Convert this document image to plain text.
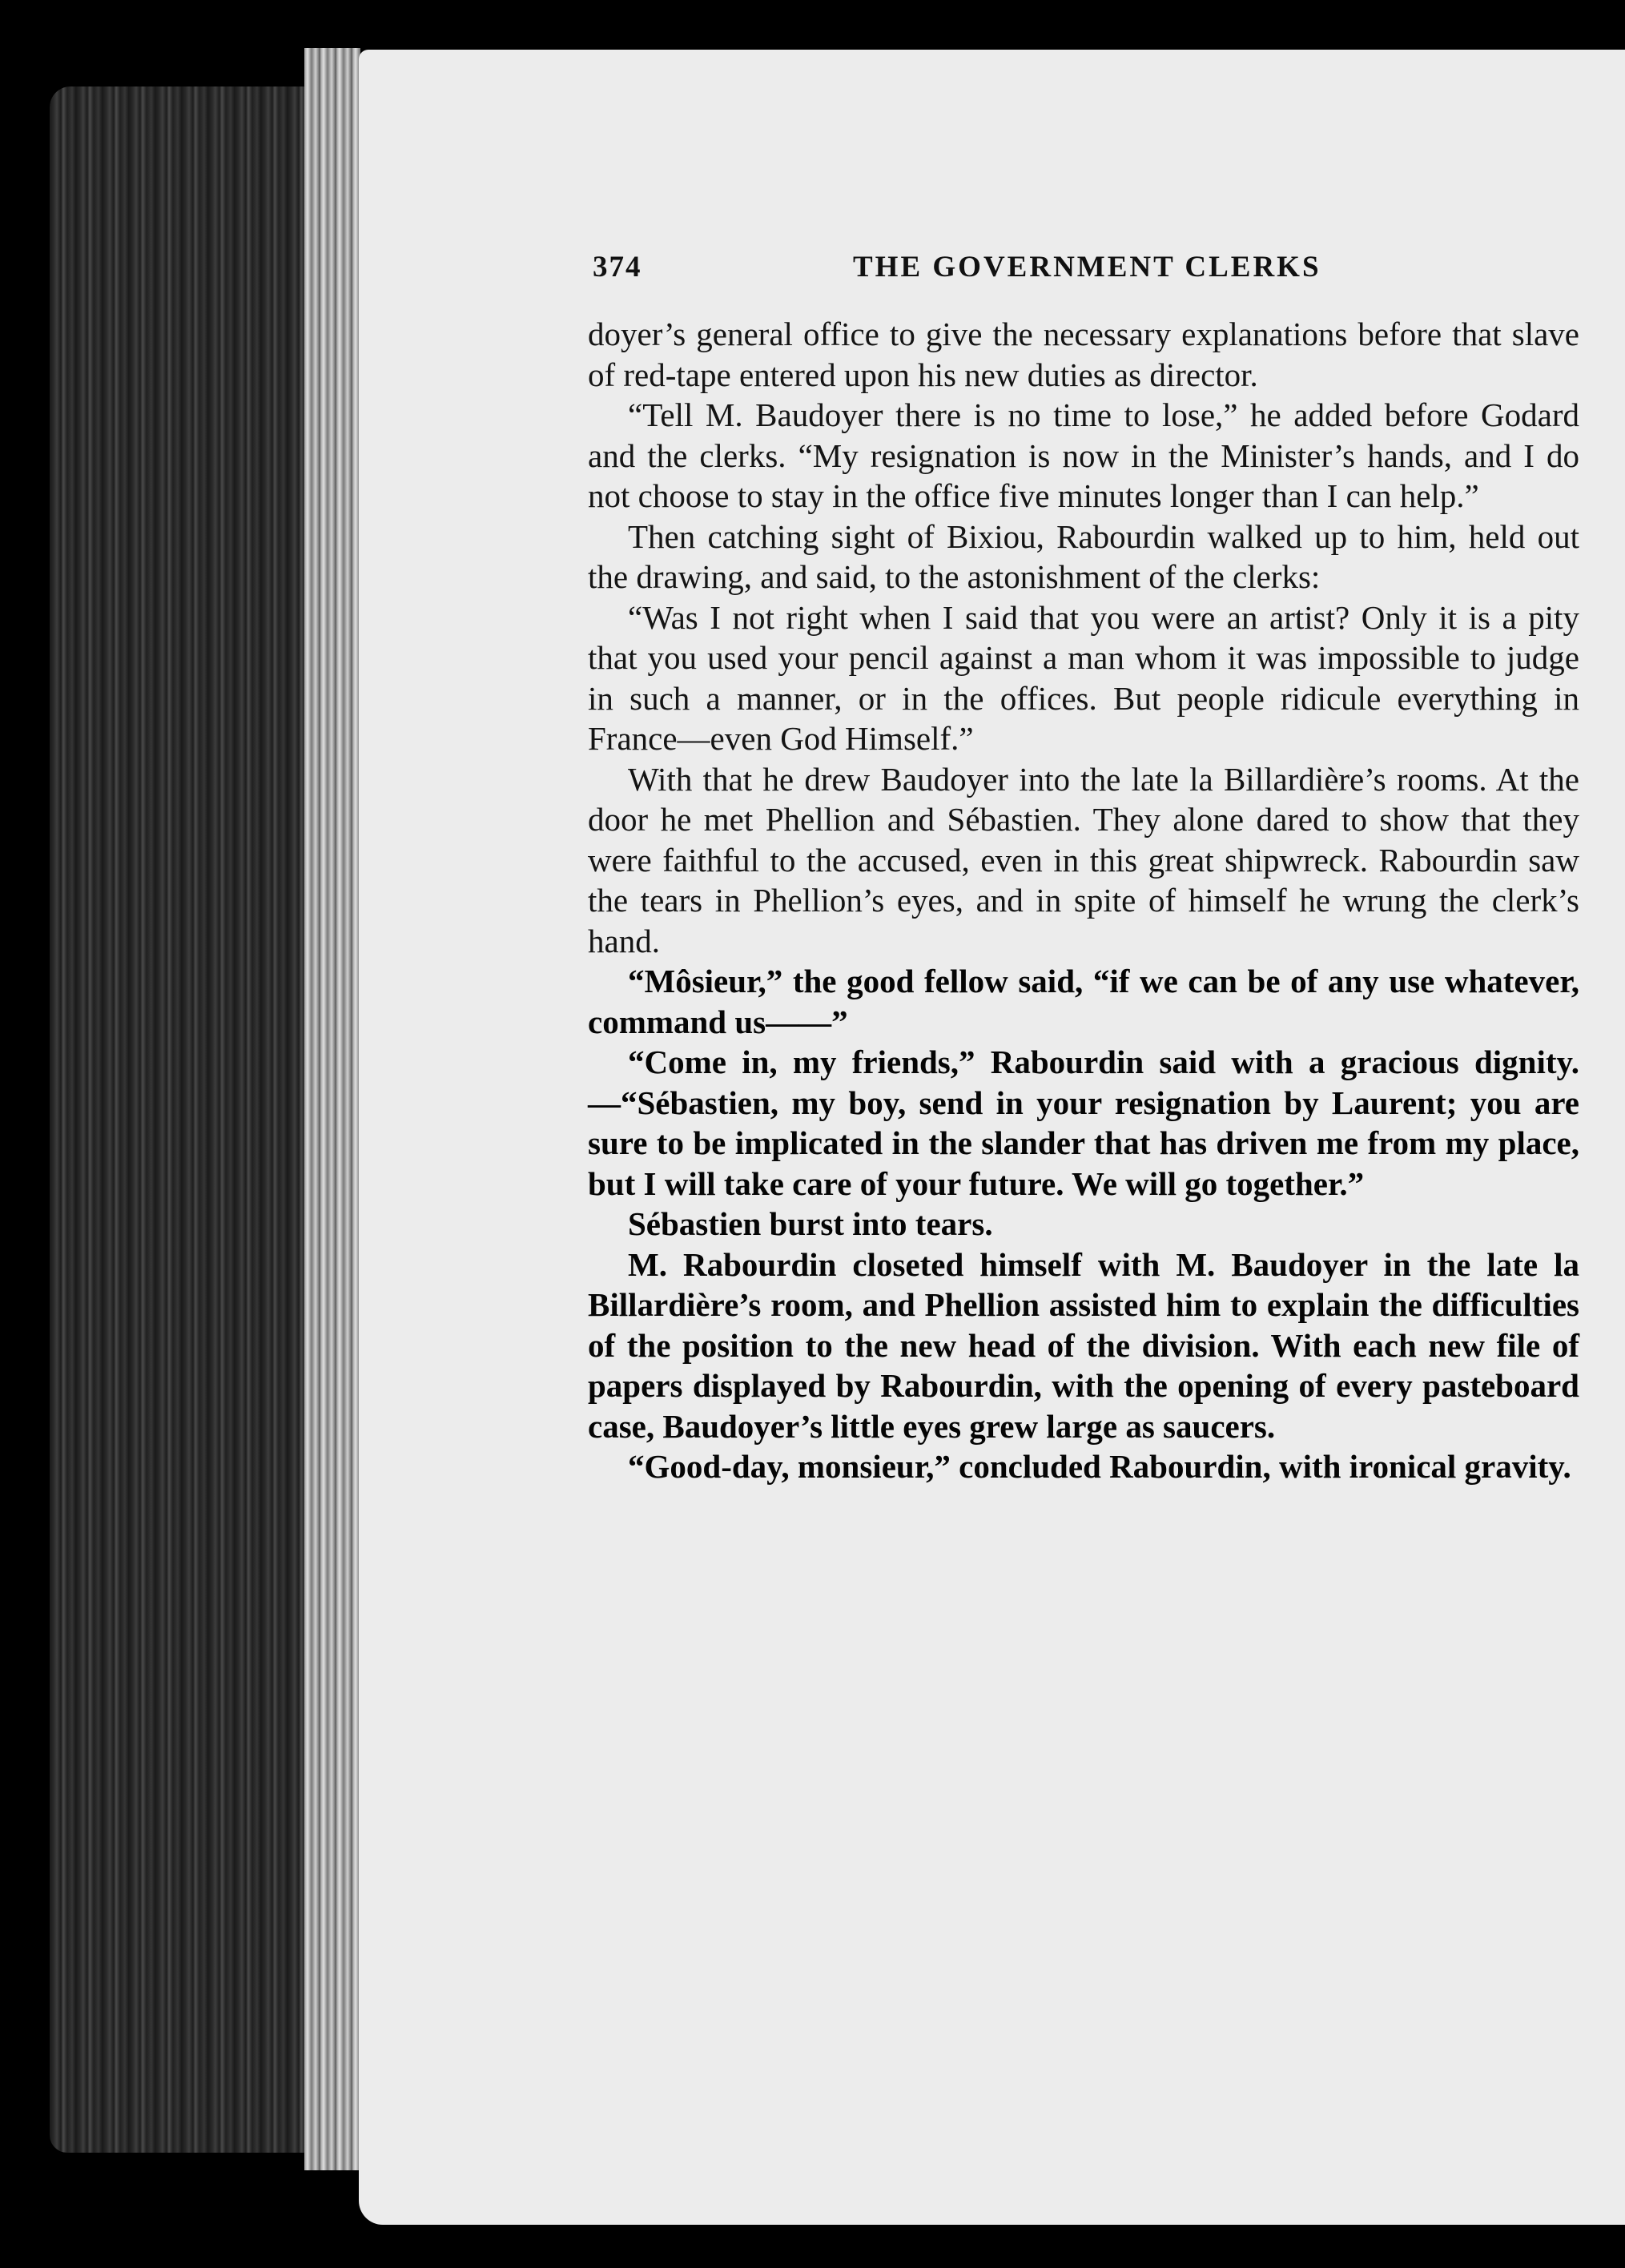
374	THE GOVERNMENT CLERKS

doyer’s general office to give the necessary explanations before that slave of red-tape entered upon his new duties as director.

“Tell M. Baudoyer there is no time to lose,” he added before Godard and the clerks. “My resignation is now in the Minister’s hands, and I do not choose to stay in the office five minutes longer than I can help.”

Then catching sight of Bixiou, Rabourdin walked up to him, held out the drawing, and said, to the astonishment of the clerks:

“Was I not right when I said that you were an artist? Only it is a pity that you used your pencil against a man whom it was impossible to judge in such a manner, or in the offices. But people ridicule everything in France—even God Himself.”

With that he drew Baudoyer into the late la Billardière’s rooms. At the door he met Phellion and Sébastien. They alone dared to show that they were faithful to the accused, even in this great shipwreck. Rabourdin saw the tears in Phellion’s eyes, and in spite of himself he wrung the clerk’s hand.

“Môsieur,” the good fellow said, “if we can be of any use whatever, command us——”

“Come in, my friends,” Rabourdin said with a gracious dignity.—“Sébastien, my boy, send in your resignation by Laurent; you are sure to be implicated in the slander that has driven me from my place, but I will take care of your future. We will go together.”

Sébastien burst into tears.

M. Rabourdin closeted himself with M. Baudoyer in the late la Billardière’s room, and Phellion assisted him to explain the difficulties of the position to the new head of the division. With each new file of papers displayed by Rabourdin, with the opening of every pasteboard case, Baudoyer’s little eyes grew large as saucers.

“Good-day, monsieur,” concluded Rabourdin, with ironical gravity.
